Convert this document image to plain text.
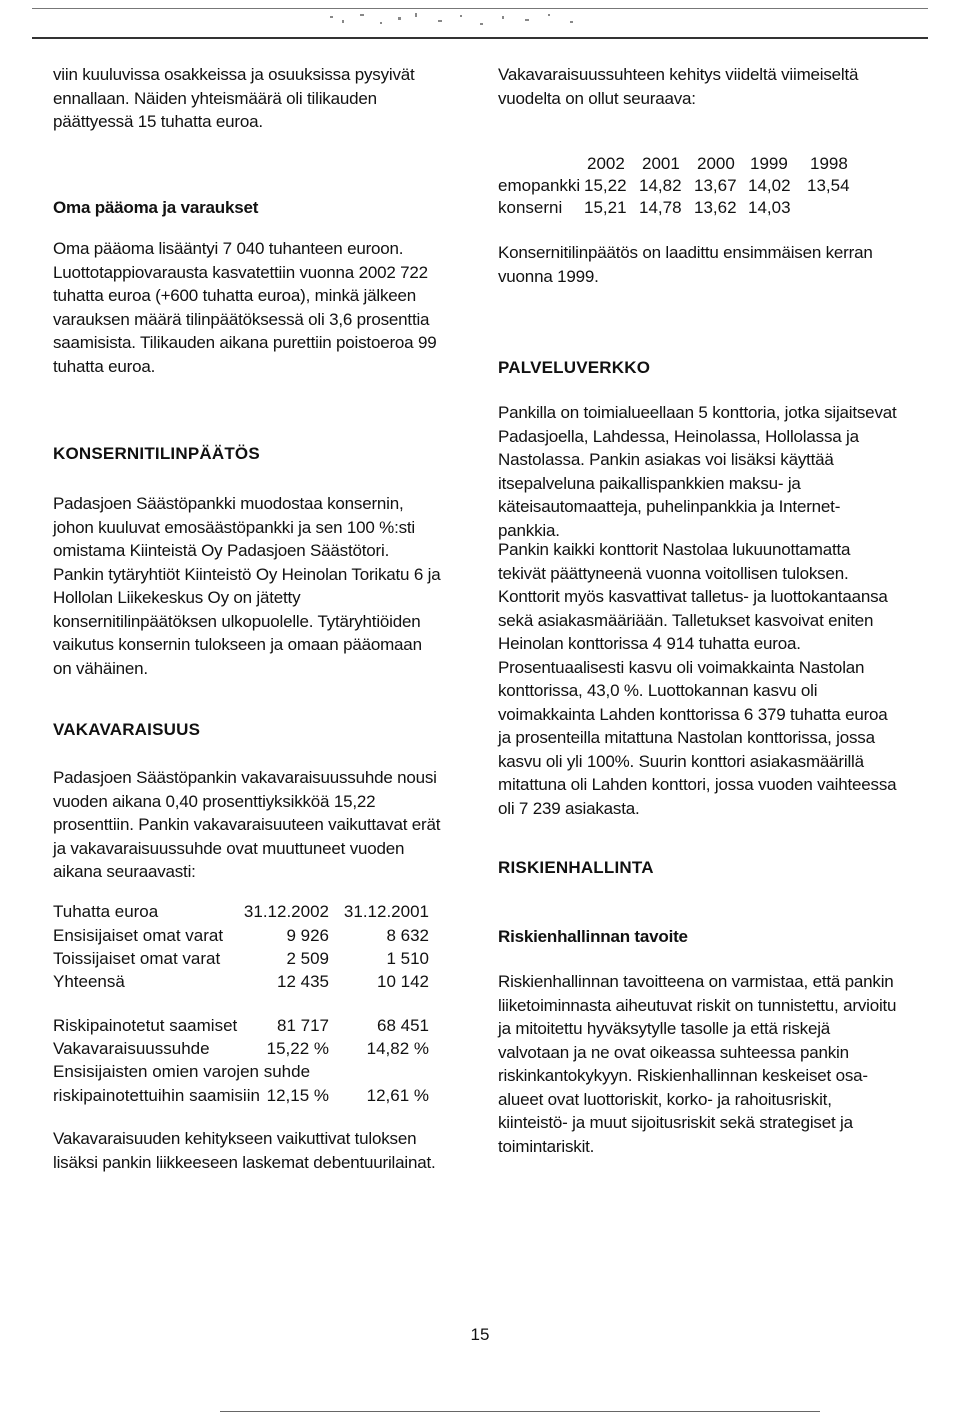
viin kuuluvissa osakkeissa ja osuuksissa pysyivät ennallaan. Näiden yhteismäärä oli tilikauden päättyessä 15 tuhatta euroa.

Oma pääoma ja varaukset

Oma pääoma lisääntyi 7 040 tuhanteen euroon. Luottotappiovarausta kasvatettiin vuonna 2002 722 tuhatta euroa (+600 tuhatta euroa), minkä jälkeen varauksen määrä tilinpäätöksessä oli 3,6 prosenttia saamisista. Tilikauden aikana purettiin poistoeroa 99 tuhatta euroa.

KONSERNITILINPÄÄTÖS

Padasjoen Säästöpankki muodostaa konsernin, johon kuuluvat emosäästöpankki ja sen 100 %:sti omistama Kiinteistä Oy Padasjoen Säästötori. Pankin tytäryhtiöt Kiinteistö Oy Heinolan Torikatu 6 ja Hollolan Liikekeskus Oy on jätetty konsernitilinpäätöksen ulkopuolelle. Tytäryhtiöiden vaikutus konsernin tulokseen ja omaan pääomaan on vähäinen.

VAKAVARAISUUS

Padasjoen Säästöpankin vakavaraisuussuhde nousi vuoden aikana 0,40 prosenttiyksikköä 15,22 prosenttiin. Pankin vakavaraisuuteen vaikuttavat erät ja vakavaraisuussuhde ovat muuttuneet vuoden aikana seuraavasti:

Tuhatta euroa	31.12.2002 31.12.2001
Ensisijaiset omat varat	9 926	8 632
Toissijaiset omat varat	2 509	1 510
Yhteensä	12 435	10 142
Riskipainotetut saamiset 81 717	68 451
Vakavaraisuussuhde	15,22 % 14,82 %
Ensisijaisten omien varojen suhde
riskipainotettuihin saamisiin 12,15 % 12,61 %

Vakavaraisuuden kehitykseen vaikuttivat tuloksen lisäksi pankin liikkeeseen laskemat debentuurilainat.

Vakavaraisuussuhteen kehitys viideltä viimeiseltä vuodelta on ollut seuraava:

2002 2001 2000 1999 1998
emopankki 15,22 14,82 13,67 14,02 13,54
konserni 15,21 14,78 13,62 14,03

Konsernitilinpäätös on laadittu ensimmäisen kerran vuonna 1999.

PALVELUVERKKO

Pankilla on toimialueellaan 5 konttoria, jotka sijaitsevat Padasjoella, Lahdessa, Heinolassa, Hollolassa ja Nastolassa. Pankin asiakas voi lisäksi käyttää itsepalveluna paikallispankkien maksu- ja käteisautomaatteja, puhelinpankkia ja Internet-pankkia.

Pankin kaikki konttorit Nastolaa lukuunottamatta tekivät päättyneenä vuonna voitollisen tuloksen. Konttorit myös kasvattivat talletus- ja luottokantaansa sekä asiakasmääriään. Talletukset kasvoivat eniten Heinolan konttorissa 4 914 tuhatta euroa. Prosentuaalisesti kasvu oli voimakkainta Nastolan konttorissa, 43,0 %. Luottokannan kasvu oli voimakkainta Lahden konttorissa 6 379 tuhatta euroa ja prosenteilla mitattuna Nastolan konttorissa, jossa kasvu oli yli 100%. Suurin konttori asiakasmäärillä mitattuna oli Lahden konttori, jossa vuoden vaihteessa oli 7 239 asiakasta.

RISKIENHALLINTA

Riskienhallinnan tavoite

Riskienhallinnan tavoitteena on varmistaa, että pankin liiketoiminnasta aiheutuvat riskit on tunnistettu, arvioitu ja mitoitettu hyväksytylle tasolle ja että riskejä valvotaan ja ne ovat oikeassa suhteessa pankin riskinkantokykyyn. Riskienhallinnan keskeiset osa-alueet ovat luottoriskit, korko- ja rahoitusriskit, kiinteistö- ja muut sijoitusriskit sekä strategiset ja toimintariskit.

15
